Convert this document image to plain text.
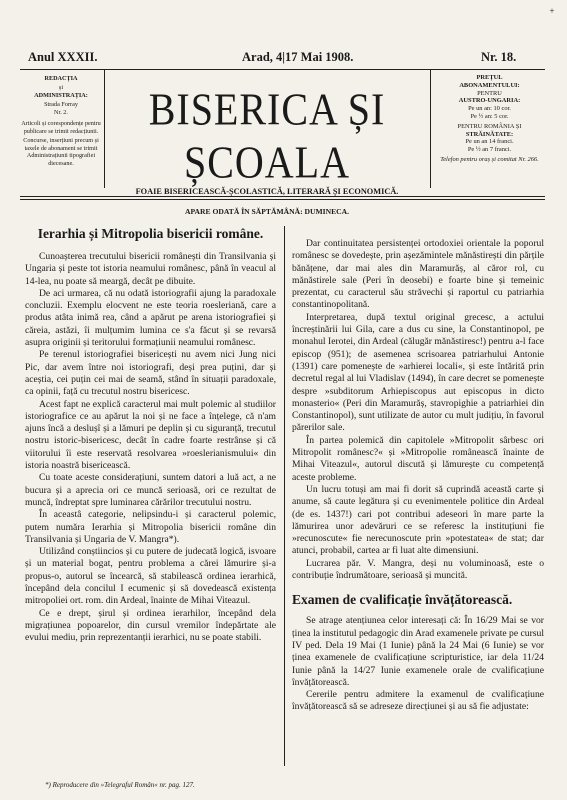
+
Anul XXXII.	Arad, 4|17 Mai 1908.	Nr. 18.

REDACȚIA

și

ADMINISTRAȚIA:

Strada Forray

Nr. 2.

Articoli și corespondențe pentru publicare se trimit redacțiunii.

Concurse, inserțiuni precum și taxele de abonament se trimit Administrațiunii tipografiei diecesane.

BISERICA ȘI ȘCOALA
FOAIE BISERICEASCĂ-ȘCOLASTICĂ, LITERARĂ ȘI ECONOMICĂ.
APARE ODATĂ ÎN SĂPTĂMÂNĂ: DUMINECA.

PREȚUL

ABONAMENTULUI:

PENTRU

AUSTRO-UNGARIA:

Pe un an: 10 cor.

Pe ½ an: 5 cor.

PENTRU ROMÂNIA ȘI

STRĂINĂTATE:

Pe un an 14 franci.

Pe ½ an 7 franci.

Telefon pentru oraș și comitat Nr. 266.

Ierarhia și Mitropolia bisericii române.

Cunoașterea trecutului bisericii românești din Transilvania și Ungaria și peste tot istoria neamului românesc, până în veacul al 14-lea, nu poate să meargă, decât pe dibuite.

De aci urmarea, că nu odată istoriografii ajung la paradoxale concluzii. Exemplu elocvent ne este teoria roesleriană, care a produs atâta inimă rea, când a apărut pe arena istoriografiei și căreia, astăzi, îi mulțumim lumina ce s'a făcut și se revarsă asupra originii și teritorului formațiunii neamului românesc.

Pe terenul istoriografiei bisericești nu avem nici Jung nici Pic, dar avem între noi istoriografi, deși prea puțini, dar și aceștia, cei puțin cei mai de seamă, stând în situații paradoxale, ca opinii, față cu trecutul nostru bisericesc.

Acest fapt ne explică caracterul mai mult polemic al studiilor istoriografice ce au apărut la noi și ne face a înțelege, că n'am ajuns încă a deslușî și a lămuri pe deplin și cu siguranță, trecutul nostru istoric-bisericesc, decât în cadre foarte restrânse și că viitorului îi este reservată resolvarea »roeslerianismului« din istoria noastră bisericească.

Cu toate aceste considerațiuni, suntem datori a luă act, a ne bucura și a aprecia ori ce muncă serioasă, ori ce rezultat de muncă, îndreptat spre luminarea cărărilor trecutului nostru.

În aceastâ categorie, nelipsindu-i și caracterul polemic, putem număra Ierarhia și Mitropolia bisericii române din Transilvania și Ungaria de V. Mangra*).

Utilizând conștiincios și cu putere de judecată logică, isvoare și un material bogat, pentru problema a cărei lămurire și-a propus-o, autorul se încearcă, să stabilească ordinea ierarhică, începând dela concilul I ecumenic și să dovedească existența mitropoliei ort. rom. din Ardeal, înainte de Mihai Viteazul.

Ce e drept, șirul și ordinea ierarhilor, începând dela migrațiunea popoarelor, din cursul vremilor îndepărtate ale evului mediu, prin reprezentanții ierarhici, nu se poate stabili.

Dar continuitatea persistenței ortodoxiei orientale la poporul românesc se dovedește, prin așezămintele mănăstirești din părțile bănățene, dar mai ales din Maramurăș, al căror rol, cu mănăstirele sale (Peri în deosebi) e foarte bine și temeinic prezentat, cu caracterul său străvechi și raportul cu patriarhia constantinopolitană.

Interpretarea, după textul original grecesc, a actului încreștinării lui Gila, care a dus cu sine, la Constantinopol, pe monahul Ierotei, din Ardeal (călugăr mănăstiresc!) pentru a-l face episcop (951); de asemenea scrisoarea patriarhului Antonie (1391) care pomenește de »arhierei locali«, și este întărită prin decretul regal al lui Vladislav (1494), în care decret se pomenește despre »subditorum Arhiepiscopus aut episcopus in dicto monasterio« (Peri din Maramurăș, stavropighie a patriarhiei din Constantinopol), sunt utilizate de autor cu mult judițiu, în favorul părerilor sale.

În partea polemică din capitolele »Mitropolit sârbesc ori Mitropolit românesc?« și »Mitropolie românească înainte de Mihai Viteazul«, autorul discută și lămurește cu competență aceste probleme.

Un lucru totuși am mai fi dorit să cuprindă această carte și anume, să caute legătura și cu evenimentele politice din Ardeal (de es. 1437!) cari pot contribui adeseori în mare parte la lămurirea unor adevăruri ce se referesc la instituțiuni fie »recunoscute« fie nerecunoscute prin »potestatea« de stat; dar atunci, probabil, cartea ar fi luat alte dimensiuni.

Lucrarea păr. V. Mangra, deși nu voluminoasă, este o contribuție îndrumătoare, serioasă și muncită.

Examen de cvalificație învățătorească.

Se atrage atențiunea celor interesați că: În 16/29 Mai se vor ținea la institutul pedagogic din Arad examenele private pe cursul IV ped. Dela 19 Mai (1 Iunie) până la 24 Mai (6 Iunie) se vor ținea examenele de cvalificațiune scripturistice, iar dela 11/24 Iunie până la 14/27 Iunie examenele orale de cvalificațiune învățătorească.

Cererile pentru admitere la examenul de cvalificațiune învățătorească să se adreseze direcțiunei și au să fie adjustate:

*) Reproducere din »Telegraful Român« nr. pag. 127.
